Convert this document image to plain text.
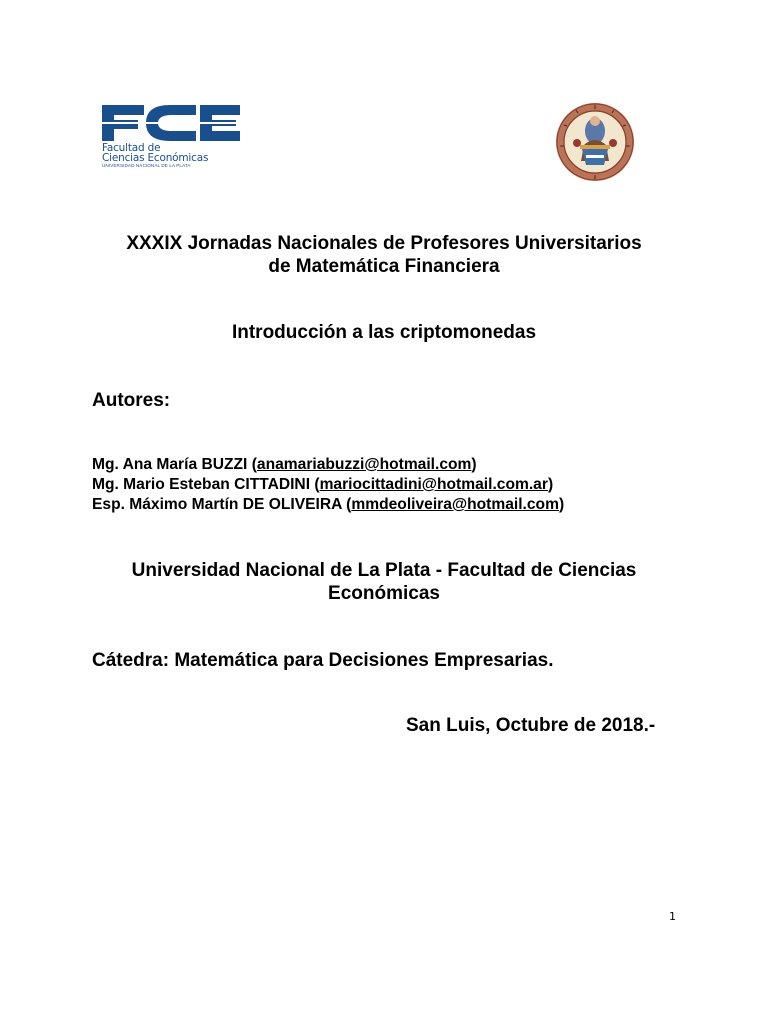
Facultad de
Ciencias Económicas
UNIVERSIDAD NACIONAL DE LA PLATA
XXXIX Jornadas Nacionales de Profesores Universitarios
de Matemática Financiera
Introducción a las criptomonedas
Autores:
Mg. Ana María BUZZI (anamariabuzzi@hotmail.com)
Mg. Mario Esteban CITTADINI (mariocittadini@hotmail.com.ar)
Esp. Máximo Martín DE OLIVEIRA (mmdeoliveira@hotmail.com)
Universidad Nacional de La Plata - Facultad de Ciencias
Económicas
Cátedra: Matemática para Decisiones Empresarias.
San Luis, Octubre de 2018.-
1
